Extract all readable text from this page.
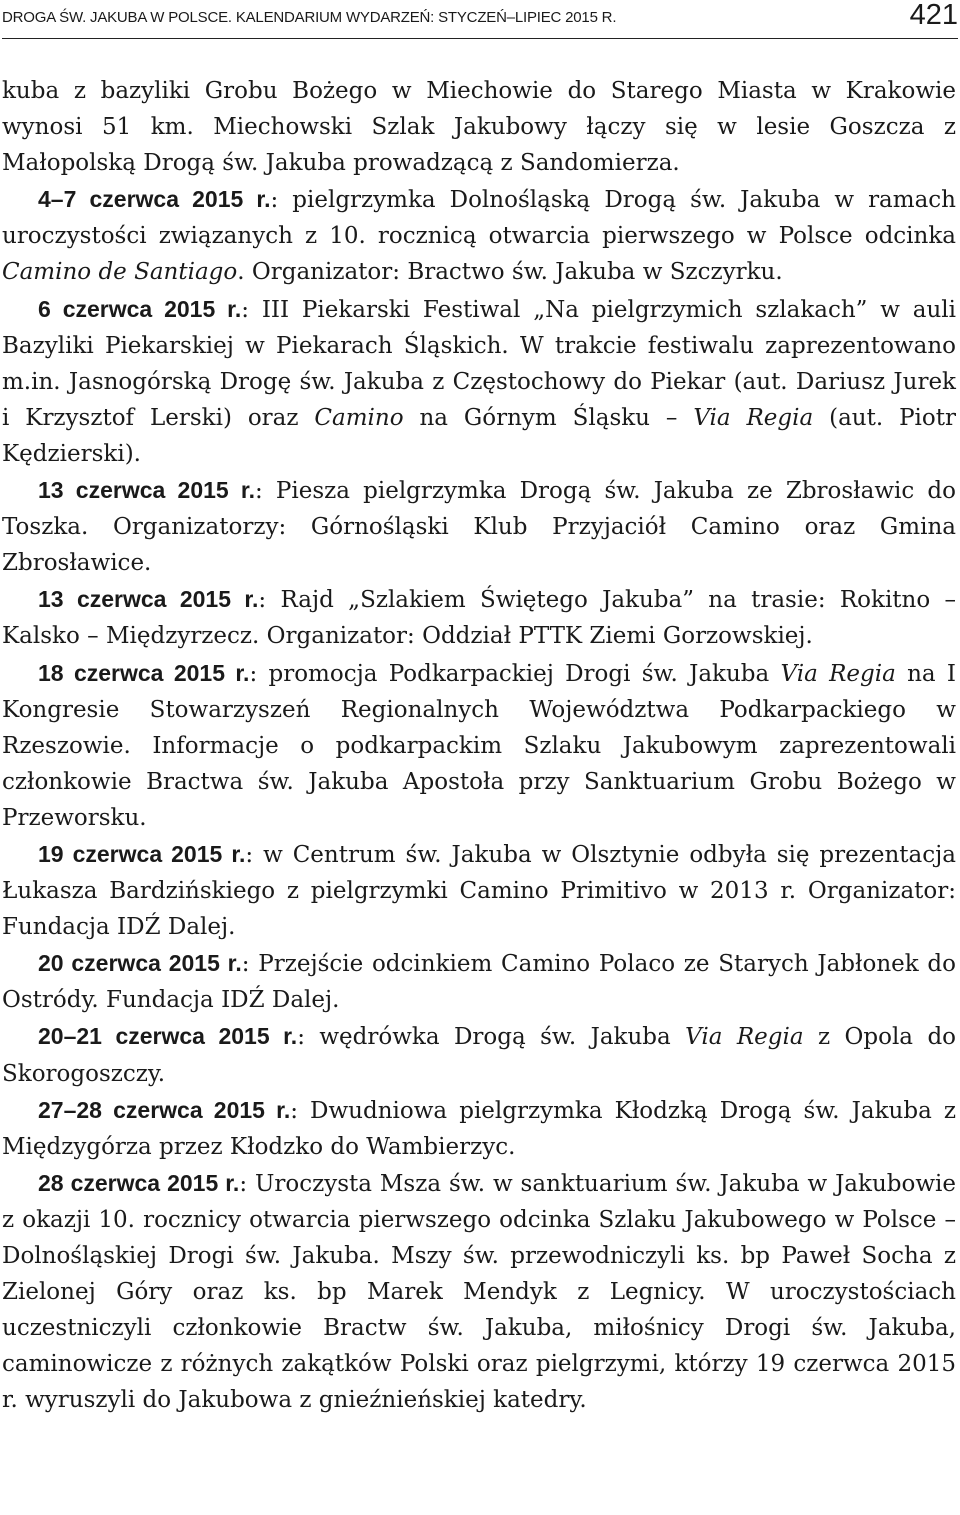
DROGA ŚW. JAKUBA W POLSCE. KALENDARIUM WYDARZEŃ: STYCZEŃ–LIPIEC 2015 R.	421

kuba z bazyliki Grobu Bożego w Miechowie do Starego Miasta w Krakowie wynosi 51 km. Miechowski Szlak Jakubowy łączy się w lesie Goszcza z Małopolską Drogą św. Jakuba prowadzącą z Sandomierza.

4–7 czerwca 2015 r.: pielgrzymka Dolnośląską Drogą św. Jakuba w ramach uroczystości związanych z 10. rocznicą otwarcia pierwszego w Polsce odcinka Camino de Santiago. Organizator: Bractwo św. Jakuba w Szczyrku.

6 czerwca 2015 r.: III Piekarski Festiwal „Na pielgrzymich szlakach” w auli Bazyliki Piekarskiej w Piekarach Śląskich. W trakcie festiwalu zaprezentowano m.in. Jasnogórską Drogę św. Jakuba z Częstochowy do Piekar (aut. Dariusz Jurek i Krzysztof Lerski) oraz Camino na Górnym Śląsku – Via Regia (aut. Piotr Kędzierski).

13 czerwca 2015 r.: Piesza pielgrzymka Drogą św. Jakuba ze Zbrosławic do Toszka. Organizatorzy: Górnośląski Klub Przyjaciół Camino oraz Gmina Zbrosławice.

13 czerwca 2015 r.: Rajd „Szlakiem Świętego Jakuba” na trasie: Rokitno – Kalsko – Międzyrzecz. Organizator: Oddział PTTK Ziemi Gorzowskiej.

18 czerwca 2015 r.: promocja Podkarpackiej Drogi św. Jakuba Via Regia na I Kongresie Stowarzyszeń Regionalnych Województwa Podkarpackiego w Rzeszowie. Informacje o podkarpackim Szlaku Jakubowym zaprezentowali członkowie Bractwa św. Jakuba Apostoła przy Sanktuarium Grobu Bożego w Przeworsku.

19 czerwca 2015 r.: w Centrum św. Jakuba w Olsztynie odbyła się prezentacja Łukasza Bardzińskiego z pielgrzymki Camino Primitivo w 2013 r. Organizator: Fundacja IDŹ Dalej.

20 czerwca 2015 r.: Przejście odcinkiem Camino Polaco ze Starych Jabłonek do Ostródy. Fundacja IDŹ Dalej.

20–21 czerwca 2015 r.: wędrówka Drogą św. Jakuba Via Regia z Opola do Skorogoszczy.

27–28 czerwca 2015 r.: Dwudniowa pielgrzymka Kłodzką Drogą św. Jakuba z Międzygórza przez Kłodzko do Wambierzyc.

28 czerwca 2015 r.: Uroczysta Msza św. w sanktuarium św. Jakuba w Jakubowie z okazji 10. rocznicy otwarcia pierwszego odcinka Szlaku Jakubowego w Polsce – Dolnośląskiej Drogi św. Jakuba. Mszy św. przewodniczyli ks. bp Paweł Socha z Zielonej Góry oraz ks. bp Marek Mendyk z Legnicy. W uroczystościach uczestniczyli członkowie Bractw św. Jakuba, miłośnicy Drogi św. Jakuba, caminowicze z różnych zakątków Polski oraz pielgrzymi, którzy 19 czerwca 2015 r. wyruszyli do Jakubowa z gnieźnieńskiej katedry.
